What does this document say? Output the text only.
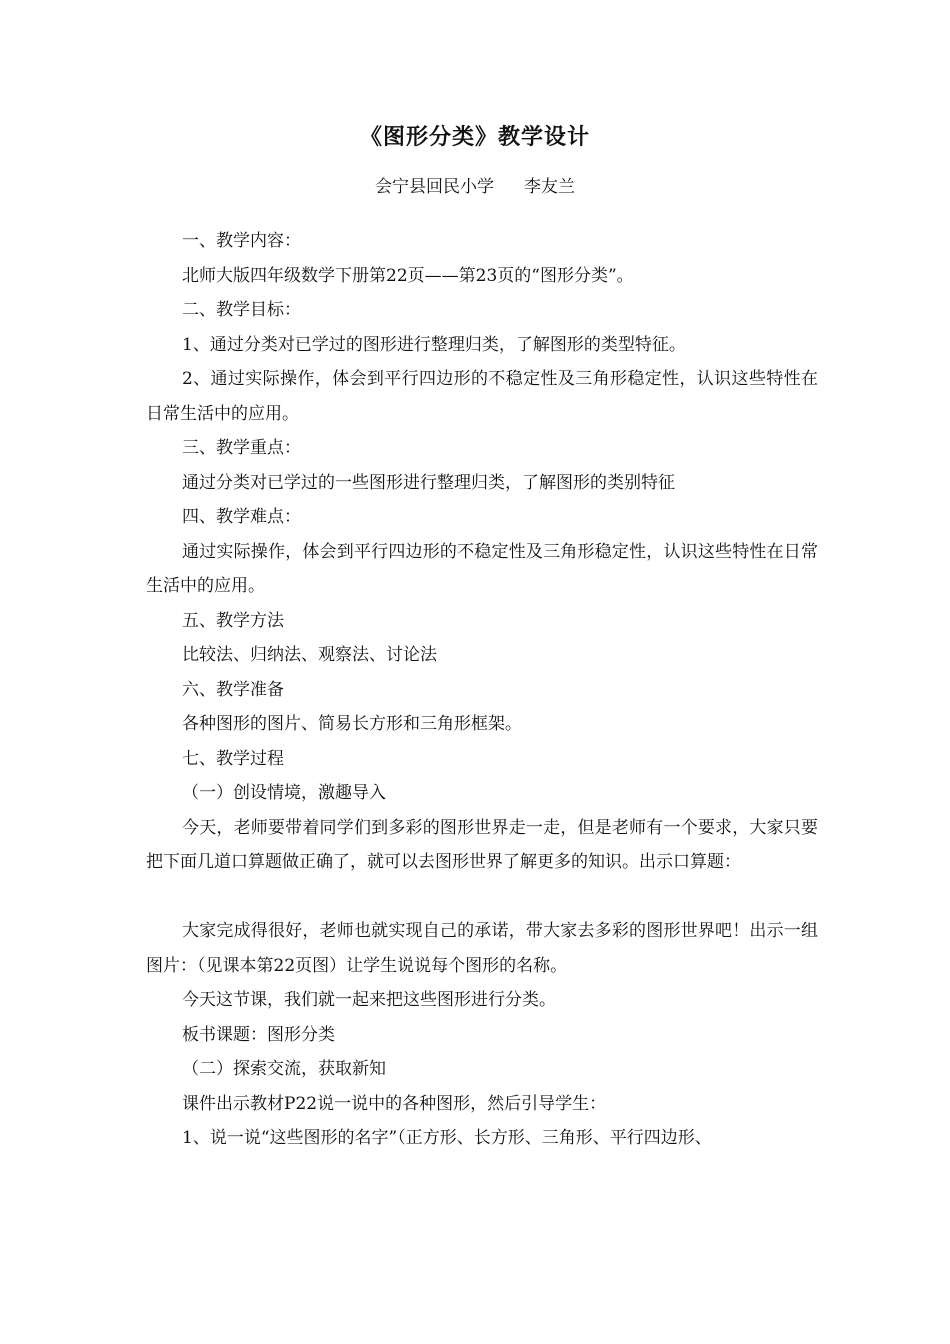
《图形分类》教学设计
会宁县回民小学 李友兰

一、教学内容：

北师大版四年级数学下册第22页——第23页的“图形分类”。

二、教学目标：

1、通过分类对已学过的图形进行整理归类，了解图形的类型特征。

2、通过实际操作，体会到平行四边形的不稳定性及三角形稳定性，认识这些特性在日常生活中的应用。

三、教学重点：

通过分类对已学过的一些图形进行整理归类，了解图形的类别特征

四、教学难点：

通过实际操作，体会到平行四边形的不稳定性及三角形稳定性，认识这些特性在日常生活中的应用。

五、教学方法

比较法、归纳法、观察法、讨论法

六、教学准备

各种图形的图片、简易长方形和三角形框架。

七、教学过程

（一）创设情境，激趣导入

今天，老师要带着同学们到多彩的图形世界走一走，但是老师有一个要求，大家只要把下面几道口算题做正确了，就可以去图形世界了解更多的知识。出示口算题：

大家完成得很好，老师也就实现自己的承诺，带大家去多彩的图形世界吧！出示一组图片：（见课本第22页图）让学生说说每个图形的名称。

今天这节课，我们就一起来把这些图形进行分类。

板书课题：图形分类

（二）探索交流，获取新知

课件出示教材P22说一说中的各种图形，然后引导学生：

1、说一说“这些图形的名字”（正方形、长方形、三角形、平行四边形、
